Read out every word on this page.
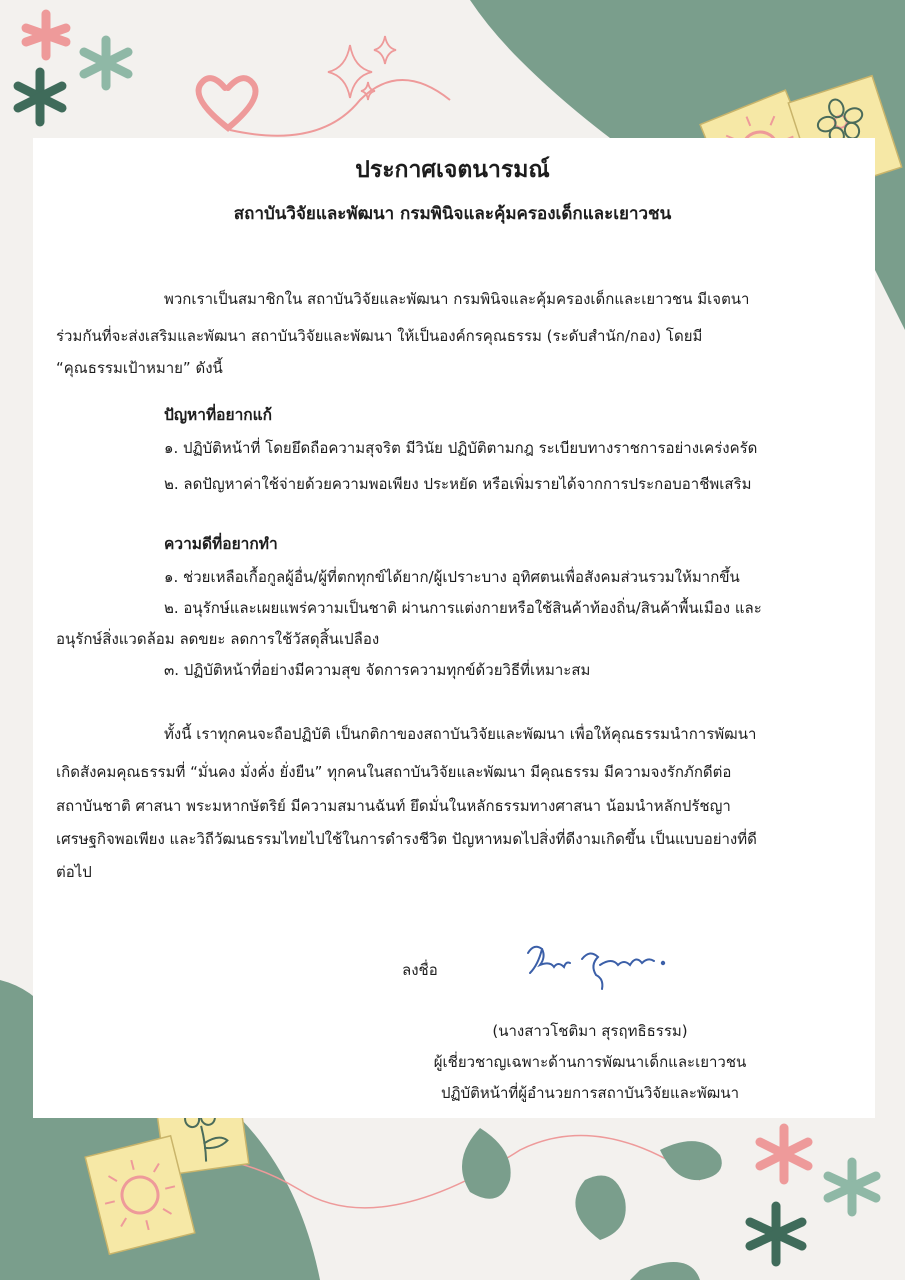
ประกาศเจตนารมณ์
สถาบันวิจัยและพัฒนา กรมพินิจและคุ้มครองเด็กและเยาวชน

พวกเราเป็นสมาชิกใน สถาบันวิจัยและพัฒนา กรมพินิจและคุ้มครองเด็กและเยาวชน มีเจตนา

ร่วมกันที่จะส่งเสริมและพัฒนา สถาบันวิจัยและพัฒนา ให้เป็นองค์กรคุณธรรม (ระดับสำนัก/กอง) โดยมี

“คุณธรรมเป้าหมาย” ดังนี้

ปัญหาที่อยากแก้

๑. ปฏิบัติหน้าที่ โดยยึดถือความสุจริต มีวินัย ปฏิบัติตามกฎ ระเบียบทางราชการอย่างเคร่งครัด

๒. ลดปัญหาค่าใช้จ่ายด้วยความพอเพียง ประหยัด หรือเพิ่มรายได้จากการประกอบอาชีพเสริม

ความดีที่อยากทำ

๑. ช่วยเหลือเกื้อกูลผู้อื่น/ผู้ที่ตกทุกข์ได้ยาก/ผู้เปราะบาง อุทิศตนเพื่อสังคมส่วนรวมให้มากขึ้น

๒. อนุรักษ์และเผยแพร่ความเป็นชาติ ผ่านการแต่งกายหรือใช้สินค้าท้องถิ่น/สินค้าพื้นเมือง และ

อนุรักษ์สิ่งแวดล้อม ลดขยะ ลดการใช้วัสดุสิ้นเปลือง

๓. ปฏิบัติหน้าที่อย่างมีความสุข จัดการความทุกข์ด้วยวิธีที่เหมาะสม

ทั้งนี้ เราทุกคนจะถือปฏิบัติ เป็นกติกาของสถาบันวิจัยและพัฒนา เพื่อให้คุณธรรมนำการพัฒนา

เกิดสังคมคุณธรรมที่ “มั่นคง มั่งคั่ง ยั่งยืน” ทุกคนในสถาบันวิจัยและพัฒนา มีคุณธรรม มีความจงรักภักดีต่อ

สถาบันชาติ ศาสนา พระมหากษัตริย์ มีความสมานฉันท์ ยึดมั่นในหลักธรรมทางศาสนา น้อมนำหลักปรัชญา

เศรษฐกิจพอเพียง และวิถีวัฒนธรรมไทยไปใช้ในการดำรงชีวิต ปัญหาหมดไปสิ่งที่ดีงามเกิดขึ้น เป็นแบบอย่างที่ดี

ต่อไป

ลงชื่อ
(นางสาวโชติมา สุรฤทธิธรรม)
ผู้เชี่ยวชาญเฉพาะด้านการพัฒนาเด็กและเยาวชน
ปฏิบัติหน้าที่ผู้อำนวยการสถาบันวิจัยและพัฒนา
